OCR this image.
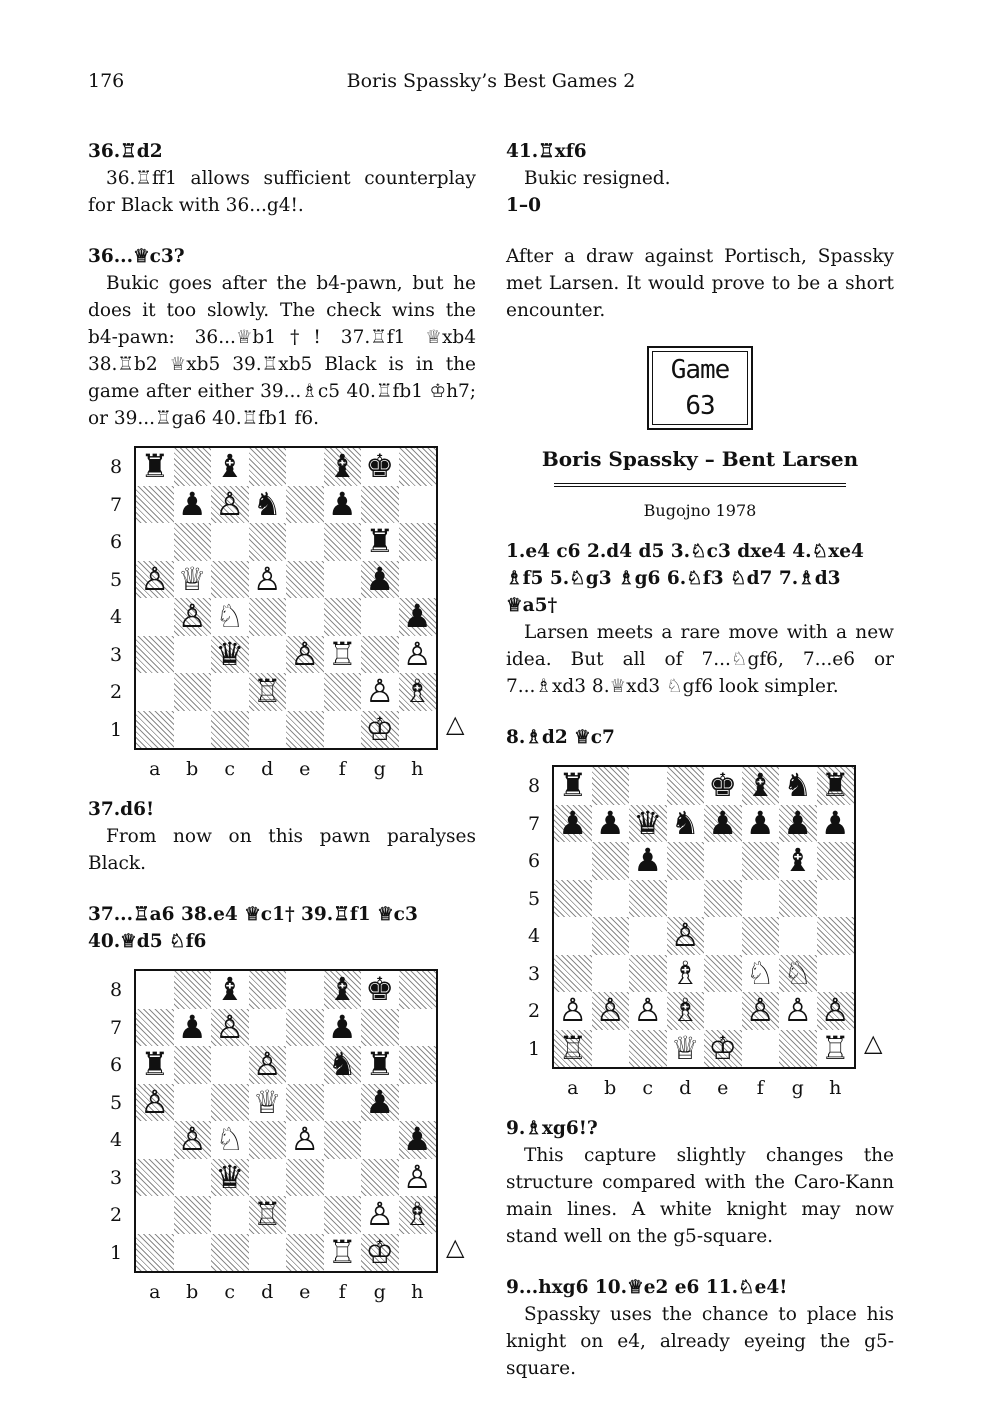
176	Boris Spassky’s Best Games 2

36.♖d2

36.♖ff1 allows sufficient counterplay for Black with 36...g4!.

36...♕c3?

Bukic goes after the b4-pawn, but he does it too slowly. The check wins the b4-pawn: 36...♕b1†! 37.♖f1 ♕xb4 38.♖b2 ♕xb5 39.♖xb5 Black is in the game after either 39...♗c5 40.♖fb1 ♔h7; or 39...♖ga6 40.♖fb1 f6.

♜ ♝	♝ ♚
♟ ♙ ♞ ♟
♜
♙ ♕ ♙	♟
♙ ♘	♟
♛ ♙ ♖ ♙
♖	♙ ♗
♔
8
7
6
5
4
3
2
1
a	b	c	d	e	f	g	h
△

37.d6!

From now on this pawn paralyses Black.

37...♖a6 38.e4 ♕c1† 39.♖f1 ♕c3 40.♕d5 ♘f6

♝	♝ ♚
♟ ♙	♟
♜	♙ ♞ ♜
♙	♕	♟
♙ ♘ ♙	♟
♛	♙
♖	♙ ♗
♖ ♔
8
7
6
5
4
3
2
1
a	b	c	d	e	f	g	h
△

41.♖xf6

Bukic resigned.

1–0

After a draw against Portisch, Spassky met Larsen. It would prove to be a short encounter.

Game 63
Boris Spassky – Bent Larsen
Bugojno 1978

1.e4 c6 2.d4 d5 3.♘c3 dxe4 4.♘xe4 ♗f5 5.♘g3 ♗g6 6.♘f3 ♘d7 7.♗d3 ♕a5†

Larsen meets a rare move with a new idea. But all of 7...♘gf6, 7...e6 or 7...♗xd3 8.♕xd3 ♘gf6 look simpler.

8.♗d2 ♕c7

♜	♚ ♝ ♞ ♜
♟ ♟ ♛ ♞ ♟ ♟ ♟ ♟
♟	♝
♙
♗ ♘ ♘
♙ ♙ ♙ ♗ ♙ ♙ ♙
♖	♕ ♔	♖
8
7
6
5
4
3
2
1
a	b	c	d	e	f	g	h
△

9.♗xg6!?

This capture slightly changes the structure compared with the Caro-Kann main lines. A white knight may now stand well on the g5-square.

9...hxg6 10.♕e2 e6 11.♘e4!

Spassky uses the chance to place his knight on e4, already eyeing the g5-square.
